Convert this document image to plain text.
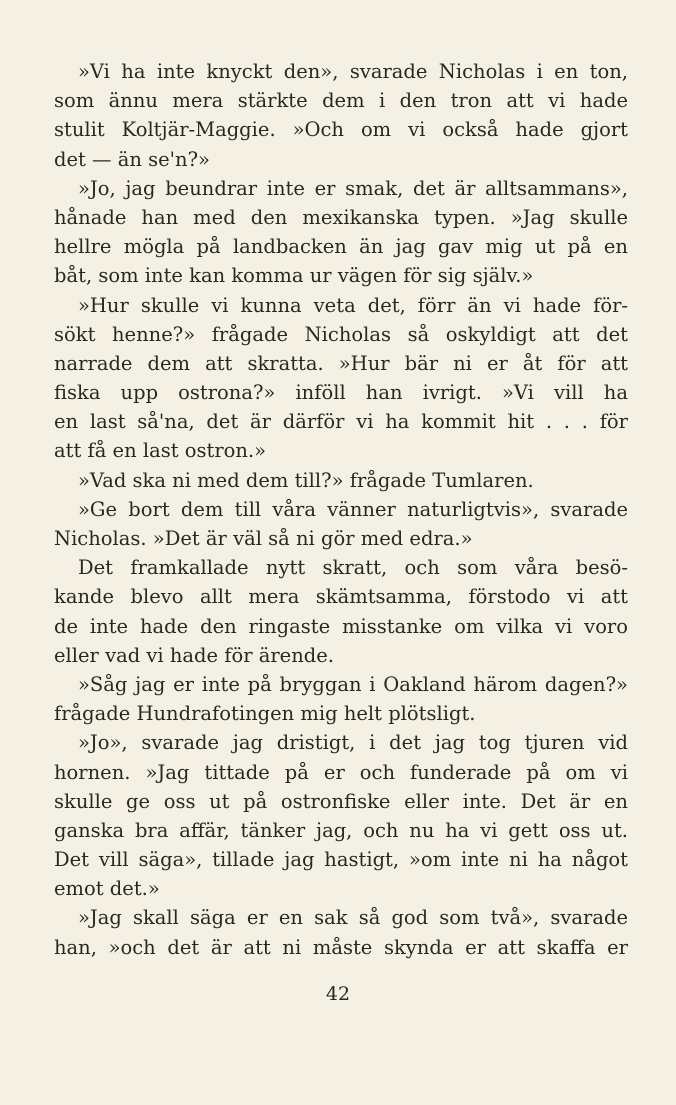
»Vi ha inte knyckt den», svarade Nicholas i en ton,
som ännu mera stärkte dem i den tron att vi hade
stulit Koltjär-Maggie. »Och om vi också hade gjort
det — än se'n?»
»Jo, jag beundrar inte er smak, det är alltsammans»,
hånade han med den mexikanska typen. »Jag skulle
hellre mögla på landbacken än jag gav mig ut på en
båt, som inte kan komma ur vägen för sig själv.»
»Hur skulle vi kunna veta det, förr än vi hade för-
sökt henne?» frågade Nicholas så oskyldigt att det
narrade dem att skratta. »Hur bär ni er åt för att
fiska upp ostrona?» inföll han ivrigt. »Vi vill ha
en last så'na, det är därför vi ha kommit hit . . . för
att få en last ostron.»
»Vad ska ni med dem till?» frågade Tumlaren.
»Ge bort dem till våra vänner naturligtvis», svarade
Nicholas. »Det är väl så ni gör med edra.»
Det framkallade nytt skratt, och som våra besö-
kande blevo allt mera skämtsamma, förstodo vi att
de inte hade den ringaste misstanke om vilka vi voro
eller vad vi hade för ärende.
»Såg jag er inte på bryggan i Oakland härom dagen?»
frågade Hundrafotingen mig helt plötsligt.
»Jo», svarade jag dristigt, i det jag tog tjuren vid
hornen. »Jag tittade på er och funderade på om vi
skulle ge oss ut på ostronfiske eller inte. Det är en
ganska bra affär, tänker jag, och nu ha vi gett oss ut.
Det vill säga», tillade jag hastigt, »om inte ni ha något
emot det.»
»Jag skall säga er en sak så god som två», svarade
han, »och det är att ni måste skynda er att skaffa er
42
